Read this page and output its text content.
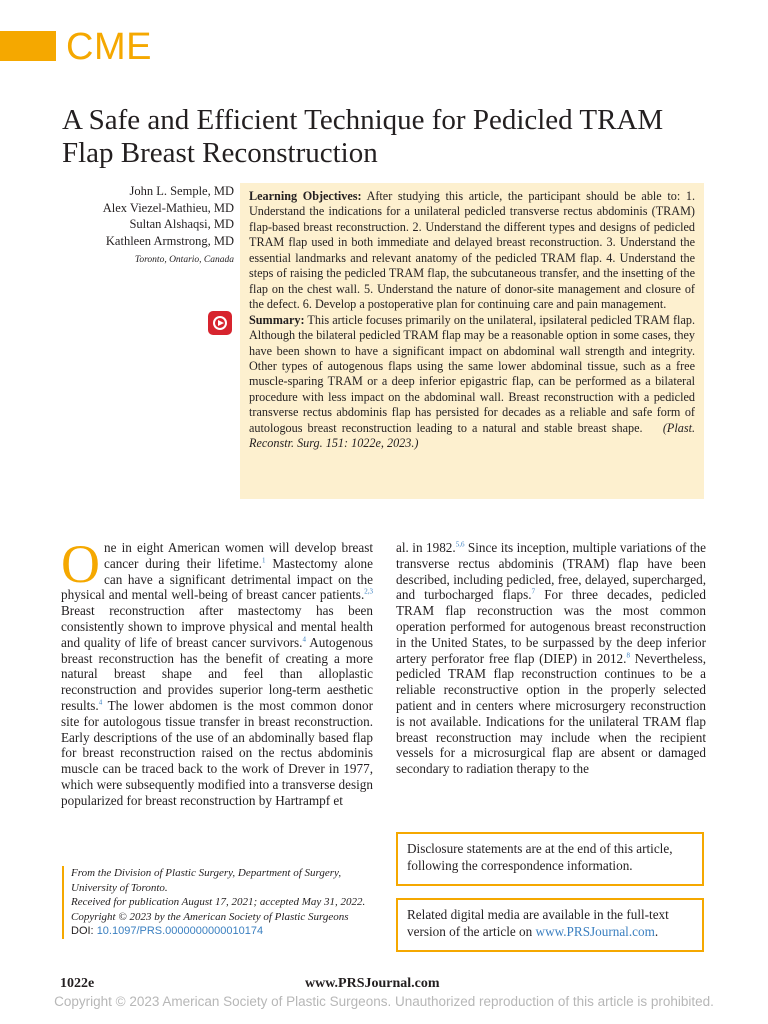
CME
A Safe and Efficient Technique for Pedicled TRAM Flap Breast Reconstruction
John L. Semple, MD
Alex Viezel-Mathieu, MD
Sultan Alshaqsi, MD
Kathleen Armstrong, MD
Toronto, Ontario, Canada
Learning Objectives: After studying this article, the participant should be able to: 1. Understand the indications for a unilateral pedicled transverse rectus abdominis (TRAM) flap-based breast reconstruction. 2. Understand the different types and designs of pedicled TRAM flap used in both immediate and delayed breast reconstruction. 3. Understand the essential landmarks and relevant anatomy of the pedicled TRAM flap. 4. Understand the steps of raising the pedicled TRAM flap, the subcutaneous transfer, and the insetting of the flap on the chest wall. 5. Understand the nature of donor-site management and closure of the defect. 6. Develop a postoperative plan for continuing care and pain management.
Summary: This article focuses primarily on the unilateral, ipsilateral pedicled TRAM flap. Although the bilateral pedicled TRAM flap may be a reasonable option in some cases, they have been shown to have a significant impact on abdominal wall strength and integrity. Other types of autogenous flaps using the same lower abdominal tissue, such as a free muscle-sparing TRAM or a deep inferior epigastric flap, can be performed as a bilateral procedure with less impact on the abdominal wall. Breast reconstruction with a pedicled transverse rectus abdominis flap has persisted for decades as a reliable and safe form of autologous breast reconstruction leading to a natural and stable breast shape. (Plast. Reconstr. Surg. 151: 1022e, 2023.)
One in eight American women will develop breast cancer during their lifetime.$^1$ Mastectomy alone can have a significant detrimental impact on the physical and mental well-being of breast cancer patients.$^{2,3}$ Breast reconstruction after mastectomy has been consistently shown to improve physical and mental health and quality of life of breast cancer survivors.$^4$ Autogenous breast reconstruction has the benefit of creating a more natural breast shape and feel than alloplastic reconstruction and provides superior long-term aesthetic results.$^4$ The lower abdomen is the most common donor site for autologous tissue transfer in breast reconstruction. Early descriptions of the use of an abdominally based flap for breast reconstruction raised on the rectus abdominis muscle can be traced back to the work of Drever in 1977, which were subsequently modified into a transverse design popularized for breast reconstruction by Hartrampf et
al. in 1982.$^{5,6}$ Since its inception, multiple variations of the transverse rectus abdominis (TRAM) flap have been described, including pedicled, free, delayed, supercharged, and turbocharged flaps.$^7$ For three decades, pedicled TRAM flap reconstruction was the most common operation performed for autogenous breast reconstruction in the United States, to be surpassed by the deep inferior artery perforator free flap (DIEP) in 2012.$^8$ Nevertheless, pedicled TRAM flap reconstruction continues to be a reliable reconstructive option in the properly selected patient and in centers where microsurgery reconstruction is not available. Indications for the unilateral TRAM flap breast reconstruction may include when the recipient vessels for a microsurgical flap are absent or damaged secondary to radiation therapy to the
From the Division of Plastic Surgery, Department of Surgery, University of Toronto.
Received for publication August 17, 2021; accepted May 31, 2022.
Copyright © 2023 by the American Society of Plastic Surgeons
DOI: 10.1097/PRS.0000000000010174
Disclosure statements are at the end of this article, following the correspondence information.
Related digital media are available in the full-text version of the article on www.PRSJournal.com.
1022e	www.PRSJournal.com
Copyright © 2023 American Society of Plastic Surgeons. Unauthorized reproduction of this article is prohibited.
